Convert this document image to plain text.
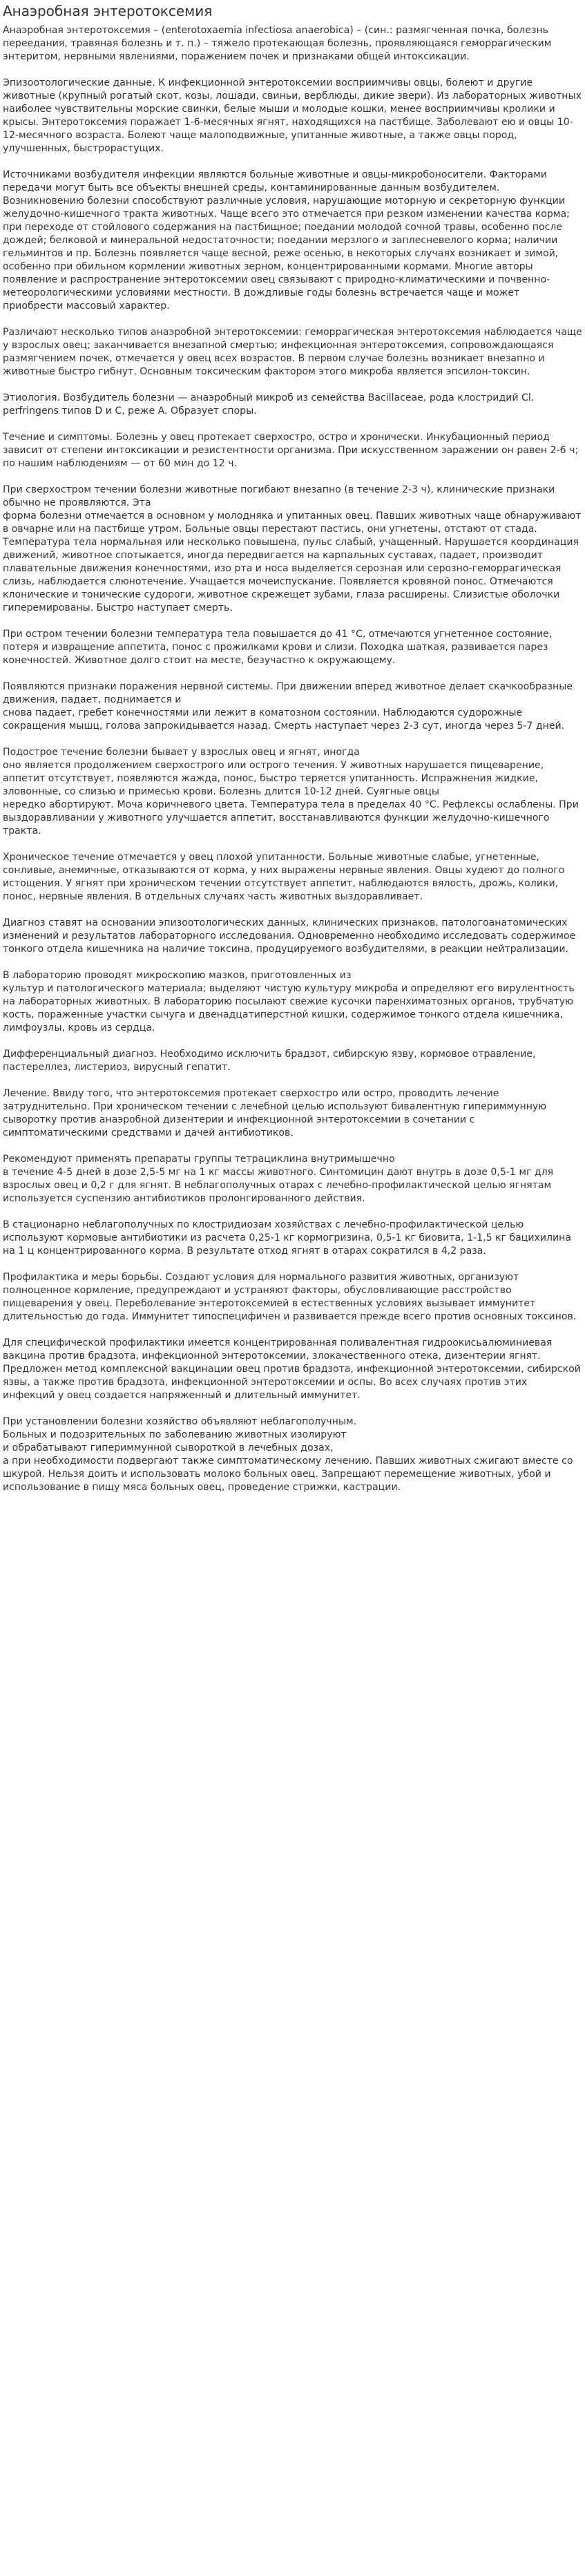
Анаэробная энтеротоксемия

Анаэробная энтеротоксемия – (enterotoxaemia infectiosa anaerobica) – (син.: размягченная почка, болезнь переедания, травяная болезнь и т. п.) – тяжело протекающая болезнь, проявляющаяся геморрагическим энтеритом, нервными явлениями, поражением почек и признаками общей интоксикации.

Эпизоотологические данные. К инфекционной энтеротоксемии восприимчивы овцы, болеют и другие животные (крупный рогатый скот, козы, лошади, свиньи, верблюды, дикие звери). Из лабораторных животных наиболее чувствительны морские свинки, белые мыши и молодые кошки, менее восприимчивы кролики и крысы. Энтеротоксемия поражает 1-6-месячных ягнят, находящихся на пастбище. Заболевают ею и овцы 10-12-месячного возраста. Болеют чаще малоподвижные, упитанные животные, а также овцы пород, улучшенных, быстрорастущих.

Источниками возбудителя инфекции являются больные животные и овцы-микробоносители. Факторами передачи могут быть все объекты внешней среды, контаминированные данным возбудителем. Возникновению болезни способствуют различные условия, нарушающие моторную и секреторную функции желудочно-кишечного тракта животных. Чаще всего это отмечается при резком изменении качества корма; при переходе от стойлового содержания на пастбищное; поедании молодой сочной травы, особенно после дождей; белковой и минеральной недостаточности; поедании мерзлого и заплесневелого корма; наличии гельминтов и пр. Болезнь появляется чаще весной, реже осенью, в некоторых случаях возникает и зимой, особенно при обильном кормлении животных зерном, концентрированными кормами. Многие авторы появление и распространение энтеротоксемии овец связывают с природно-климатическими и почвенно-метеорологическими условиями местности. В дождливые годы болезнь встречается чаще и может приобрести массовый характер.

Различают несколько типов анаэробной энтеротоксемии: геморрагическая энтеротоксемия наблюдается чаще у взрослых овец; заканчивается внезапной смертью; инфекционная энтеротоксемия, сопровождающаяся размягчением почек, отмечается у овец всех возрастов. В первом случае болезнь возникает внезапно и животные быстро гибнут. Основным токсическим фактором этого микроба является эпсилон-токсин.

Этиология. Возбудитель болезни — анаэробный микроб из семейства Bacillaceae, рода клостридий Cl. perfringens типов D и C, реже A. Образует споры.

Течение и симптомы. Болезнь у овец протекает сверхостро, остро и хронически. Инкубационный период зависит от степени интоксикации и резистентности организма. При искусственном заражении он равен 2-6 ч; по нашим наблюдениям — от 60 мин до 12 ч.

При сверхостром течении болезни животные погибают внезапно (в течение 2-3 ч), клинические признаки обычно не проявляются. Эта
форма болезни отмечается в основном у молодняка и упитанных овец. Павших животных чаще обнаруживают в овчарне или на пастбище утром. Больные овцы перестают пастись, они угнетены, отстают от стада. Температура тела нормальная или несколько повышена, пульс слабый, учащенный. Нарушается координация движений, животное спотыкается, иногда передвигается на карпальных суставах, падает, производит плавательные движения конечностями, изо рта и носа выделяется серозная или серозно-геморрагическая слизь, наблюдается слюнотечение. Учащается мочеиспускание. Появляется кровяной понос. Отмечаются клонические и тонические судороги, животное скрежещет зубами, глаза расширены. Слизистые оболочки гиперемированы. Быстро наступает смерть.

При остром течении болезни температура тела повышается до 41 °С, отмечаются угнетенное состояние, потеря и извращение аппетита, понос с прожилками крови и слизи. Походка шаткая, развивается парез конечностей. Животное долго стоит на месте, безучастно к окружающему.

Появляются признаки поражения нервной системы. При движении вперед животное делает скачкообразные движения, падает, поднимается и
снова падает, гребет конечностями или лежит в коматозном состоянии. Наблюдаются судорожные сокращения мышц, голова запрокидывается назад. Смерть наступает через 2-3 сут, иногда через 5-7 дней.

Подострое течение болезни бывает у взрослых овец и ягнят, иногда
оно является продолжением сверхострого или острого течения. У животных нарушается пищеварение, аппетит отсутствует, появляются жажда, понос, быстро теряется упитанность. Испражнения жидкие, зловонные, со слизью и примесью крови. Болезнь длится 10-12 дней. Суягные овцы
нередко абортируют. Моча коричневого цвета. Температура тела в пределах 40 °С. Рефлексы ослаблены. При выздоравливании у животного улучшается аппетит, восстанавливаются функции желудочно-кишечного тракта.

Хроническое течение отмечается у овец плохой упитанности. Больные животные слабые, угнетенные, сонливые, анемичные, отказываются от корма, у них выражены нервные явления. Овцы худеют до полного истощения. У ягнят при хроническом течении отсутствует аппетит, наблюдаются вялость, дрожь, колики, понос, нервные явления. В отдельных случаях часть животных выздоравливает.

Диагноз ставят на основании эпизоотологических данных, клинических признаков, патологоанатомических изменений и результатов лабораторного исследования. Одновременно необходимо исследовать содержимое тонкого отдела кишечника на наличие токсина, продуцируемого возбудителями, в реакции нейтрализации.

В лабораторию проводят микроскопию мазков, приготовленных из
культур и патологического материала; выделяют чистую культуру микроба и определяют его вирулентность на лабораторных животных. В лабораторию посылают свежие кусочки паренхиматозных органов, трубчатую кость, пораженные участки сычуга и двенадцатиперстной кишки, содержимое тонкого отдела кишечника, лимфоузлы, кровь из сердца.

Дифференциальный диагноз. Необходимо исключить брадзот, сибирскую язву, кормовое отравление, пастереллез, листериоз, вирусный гепатит.

Лечение. Ввиду того, что энтеротоксемия протекает сверхостро или остро, проводить лечение затруднительно. При хроническом течении с лечебной целью используют бивалентную гипериммунную сыворотку против анаэробной дизентерии и инфекционной энтеротоксемии в сочетании с симптоматическими средствами и дачей антибиотиков.

Рекомендуют применять препараты группы тетрациклина внутримышечно
в течение 4-5 дней в дозе 2,5-5 мг на 1 кг массы животного. Синтомицин дают внутрь в дозе 0,5-1 мг для взрослых овец и 0,2 г для ягнят. В неблагополучных отарах с лечебно-профилактической целью ягнятам используется суспензию антибиотиков пролонгированного действия.

В стационарно неблагополучных по клостридиозам хозяйствах с лечебно-профилактической целью используют кормовые антибиотики из расчета 0,25-1 кг кормогризина, 0,5-1 кг биовита, 1-1,5 кг бацихилина на 1 ц концентрированного корма. В результате отход ягнят в отарах сократился в 4,2 раза.

Профилактика и меры борьбы. Создают условия для нормального развития животных, организуют полноценное кормление, предупреждают и устраняют факторы, обусловливающие расстройство пищеварения у овец. Переболевание энтеротоксемией в естественных условиях вызывает иммунитет длительностью до года. Иммунитет типоспецифичен и развивается прежде всего против основных токсинов.

Для специфической профилактики имеется концентрированная поливалентная гидроокисьалюминиевая вакцина против брадзота, инфекционной энтеротоксемии, злокачественного отека, дизентерии ягнят. Предложен метод комплексной вакцинации овец против брадзота, инфекционной энтеротоксемии, сибирской язвы, а также против брадзота, инфекционной энтеротоксемии и оспы. Во всех случаях против этих инфекций у овец создается напряженный и длительный иммунитет.

При установлении болезни хозяйство объявляют неблагополучным.
Больных и подозрительных по заболеванию животных изолируют
и обрабатывают гипериммунной сывороткой в лечебных дозах,
а при необходимости подвергают также симптоматическому лечению. Павших животных сжигают вместе со шкурой. Нельзя доить и использовать молоко больных овец. Запрещают перемещение животных, убой и использование в пищу мяса больных овец, проведение стрижки, кастрации.
